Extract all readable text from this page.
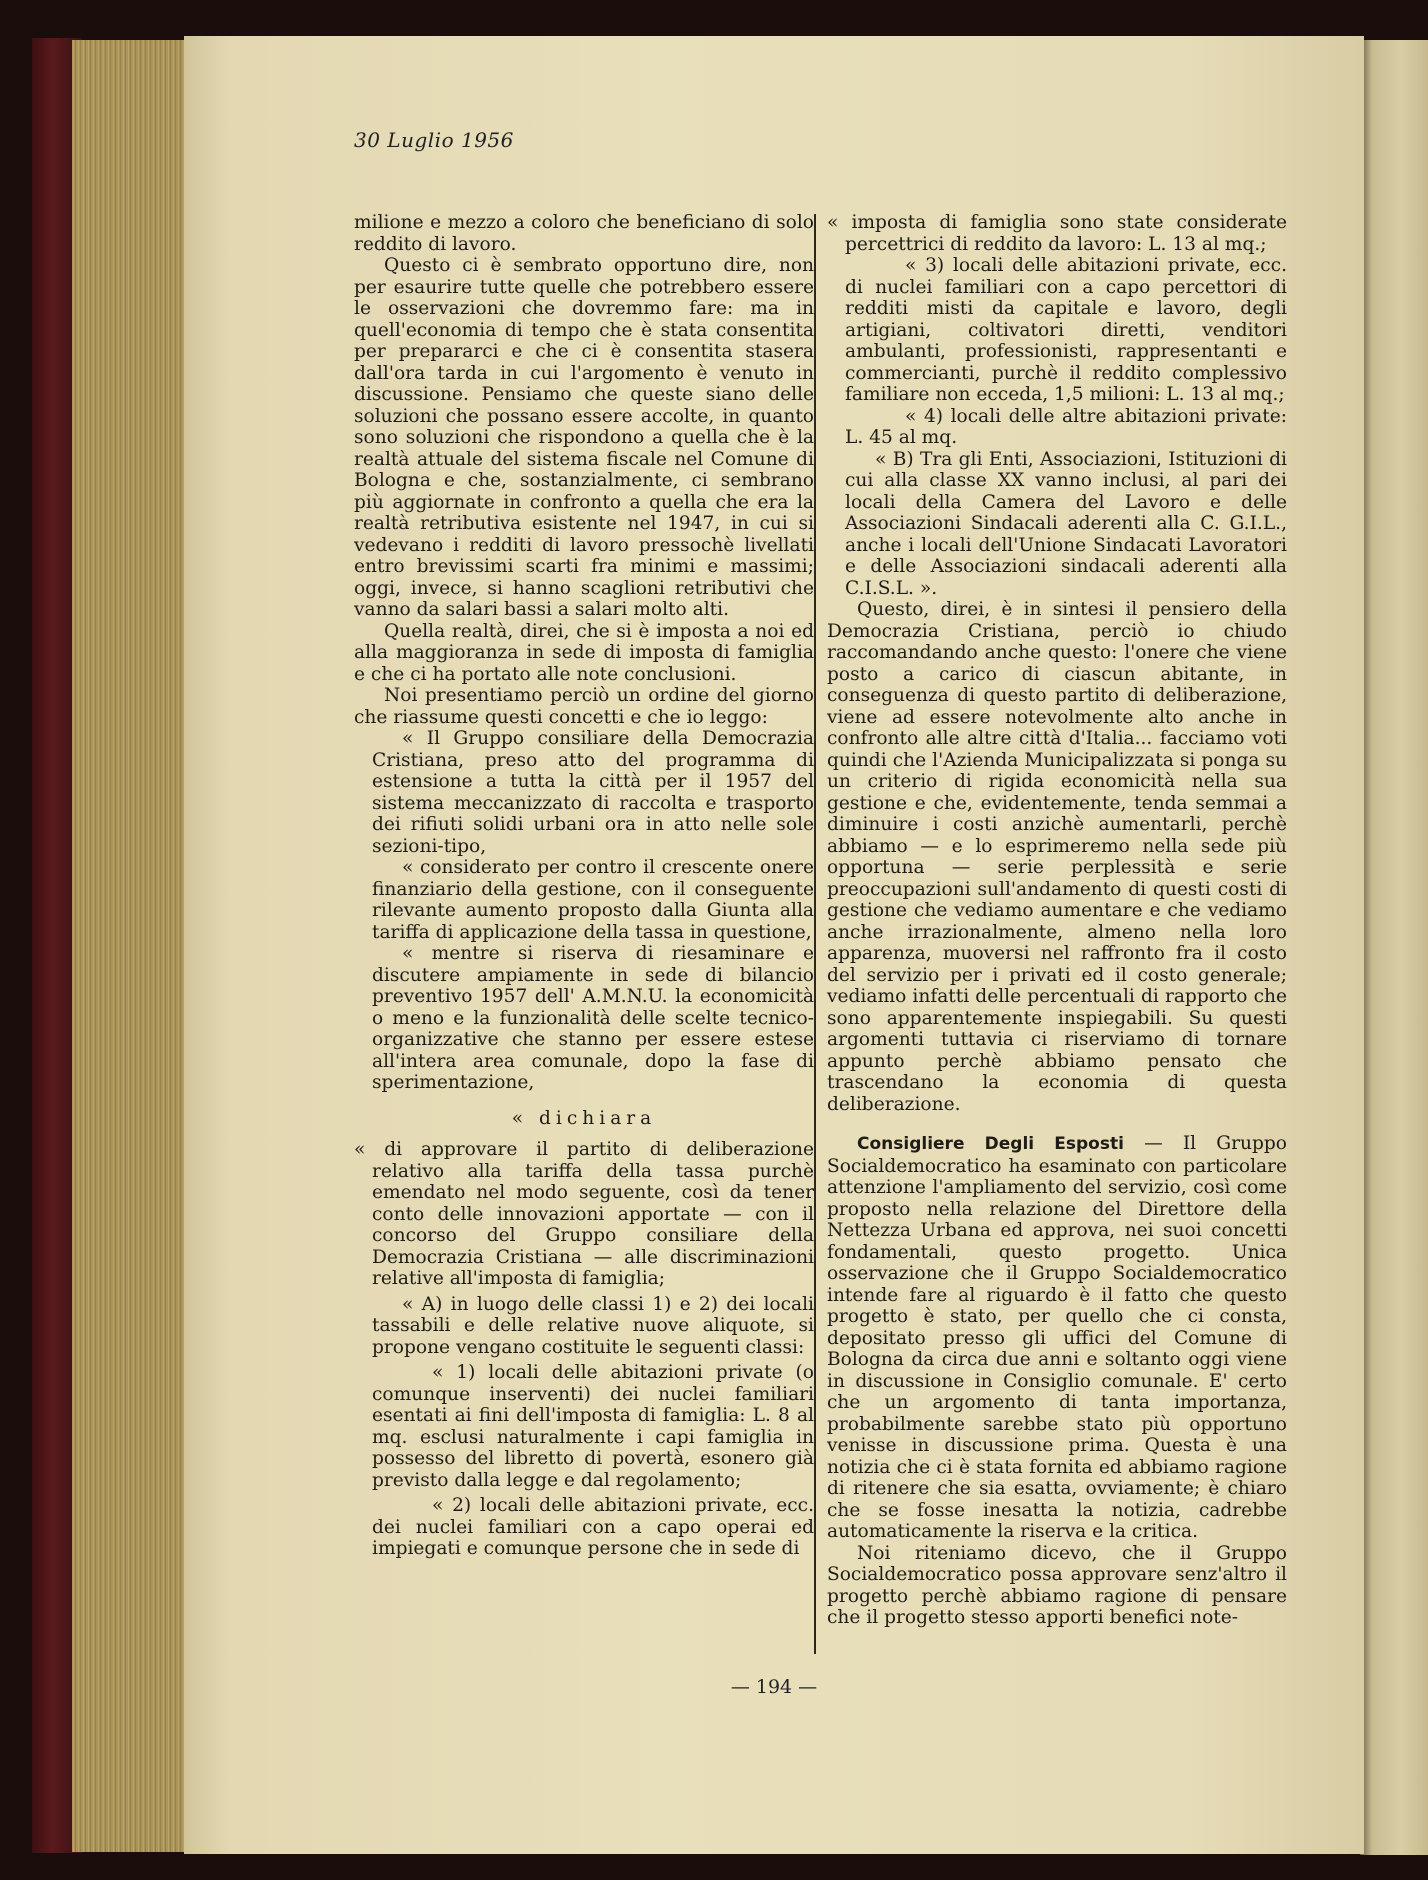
30 Luglio 1956

milione e mezzo a coloro che beneficiano di solo reddito di lavoro.

Questo ci è sembrato opportuno dire, non per esaurire tutte quelle che potrebbero essere le osservazioni che dovremmo fare: ma in quell'economia di tempo che è stata consentita per prepararci e che ci è consentita stasera dall'ora tarda in cui l'argomento è venuto in discussione. Pensiamo che queste siano delle soluzioni che possano essere accolte, in quanto sono soluzioni che rispondono a quella che è la realtà attuale del sistema fiscale nel Comune di Bologna e che, sostanzialmente, ci sembrano più aggiornate in confronto a quella che era la realtà retributiva esistente nel 1947, in cui si vedevano i redditi di lavoro pressochè livellati entro brevissimi scarti fra minimi e massimi; oggi, invece, si hanno scaglioni retributivi che vanno da salari bassi a salari molto alti.

Quella realtà, direi, che si è imposta a noi ed alla maggioranza in sede di imposta di famiglia e che ci ha portato alle note conclusioni.

Noi presentiamo perciò un ordine del giorno che riassume questi concetti e che io leggo:

« Il Gruppo consiliare della Democrazia Cristiana, preso atto del programma di estensione a tutta la città per il 1957 del sistema meccanizzato di raccolta e trasporto dei rifiuti solidi urbani ora in atto nelle sole sezioni-tipo,

« considerato per contro il crescente onere finanziario della gestione, con il conseguente rilevante aumento proposto dalla Giunta alla tariffa di applicazione della tassa in questione,

« mentre si riserva di riesaminare e discutere ampiamente in sede di bilancio preventivo 1957 dell' A.M.N.U. la economicità o meno e la funzionalità delle scelte tecnico-organizzative che stanno per essere estese all'intera area comunale, dopo la fase di sperimentazione,

« dichiara

« di approvare il partito di deliberazione relativo alla tariffa della tassa purchè emendato nel modo seguente, così da tener conto delle innovazioni apportate — con il concorso del Gruppo consiliare della Democrazia Cristiana — alle discriminazioni relative all'imposta di famiglia;

« A) in luogo delle classi 1) e 2) dei locali tassabili e delle relative nuove aliquote, si propone vengano costituite le seguenti classi:

« 1) locali delle abitazioni private (o comunque inserventi) dei nuclei familiari esentati ai fini dell'imposta di famiglia: L. 8 al mq. esclusi naturalmente i capi famiglia in possesso del libretto di povertà, esonero già previsto dalla legge e dal regolamento;

« 2) locali delle abitazioni private, ecc. dei nuclei familiari con a capo operai ed impiegati e comunque persone che in sede di

« imposta di famiglia sono state considerate percettrici di reddito da lavoro: L. 13 al mq.;

« 3) locali delle abitazioni private, ecc. di nuclei familiari con a capo percettori di redditi misti da capitale e lavoro, degli artigiani, coltivatori diretti, venditori ambulanti, professionisti, rappresentanti e commercianti, purchè il reddito complessivo familiare non ecceda, 1,5 milioni: L. 13 al mq.;

« 4) locali delle altre abitazioni private: L. 45 al mq.

« B) Tra gli Enti, Associazioni, Istituzioni di cui alla classe XX vanno inclusi, al pari dei locali della Camera del Lavoro e delle Associazioni Sindacali aderenti alla C. G.I.L., anche i locali dell'Unione Sindacati Lavoratori e delle Associazioni sindacali aderenti alla C.I.S.L. ».

Questo, direi, è in sintesi il pensiero della Democrazia Cristiana, perciò io chiudo raccomandando anche questo: l'onere che viene posto a carico di ciascun abitante, in conseguenza di questo partito di deliberazione, viene ad essere notevolmente alto anche in confronto alle altre città d'Italia... facciamo voti quindi che l'Azienda Municipalizzata si ponga su un criterio di rigida economicità nella sua gestione e che, evidentemente, tenda semmai a diminuire i costi anzichè aumentarli, perchè abbiamo — e lo esprimeremo nella sede più opportuna — serie perplessità e serie preoccupazioni sull'andamento di questi costi di gestione che vediamo aumentare e che vediamo anche irrazionalmente, almeno nella loro apparenza, muoversi nel raffronto fra il costo del servizio per i privati ed il costo generale; vediamo infatti delle percentuali di rapporto che sono apparentemente inspiegabili. Su questi argomenti tuttavia ci riserviamo di tornare appunto perchè abbiamo pensato che trascendano la economia di questa deliberazione.

Consigliere Degli Esposti — Il Gruppo Socialdemocratico ha esaminato con particolare attenzione l'ampliamento del servizio, così come proposto nella relazione del Direttore della Nettezza Urbana ed approva, nei suoi concetti fondamentali, questo progetto. Unica osservazione che il Gruppo Socialdemocratico intende fare al riguardo è il fatto che questo progetto è stato, per quello che ci consta, depositato presso gli uffici del Comune di Bologna da circa due anni e soltanto oggi viene in discussione in Consiglio comunale. E' certo che un argomento di tanta importanza, probabilmente sarebbe stato più opportuno venisse in discussione prima. Questa è una notizia che ci è stata fornita ed abbiamo ragione di ritenere che sia esatta, ovviamente; è chiaro che se fosse inesatta la notizia, cadrebbe automaticamente la riserva e la critica.

Noi riteniamo dicevo, che il Gruppo Socialdemocratico possa approvare senz'altro il progetto perchè abbiamo ragione di pensare che il progetto stesso apporti benefici note-

— 194 —
